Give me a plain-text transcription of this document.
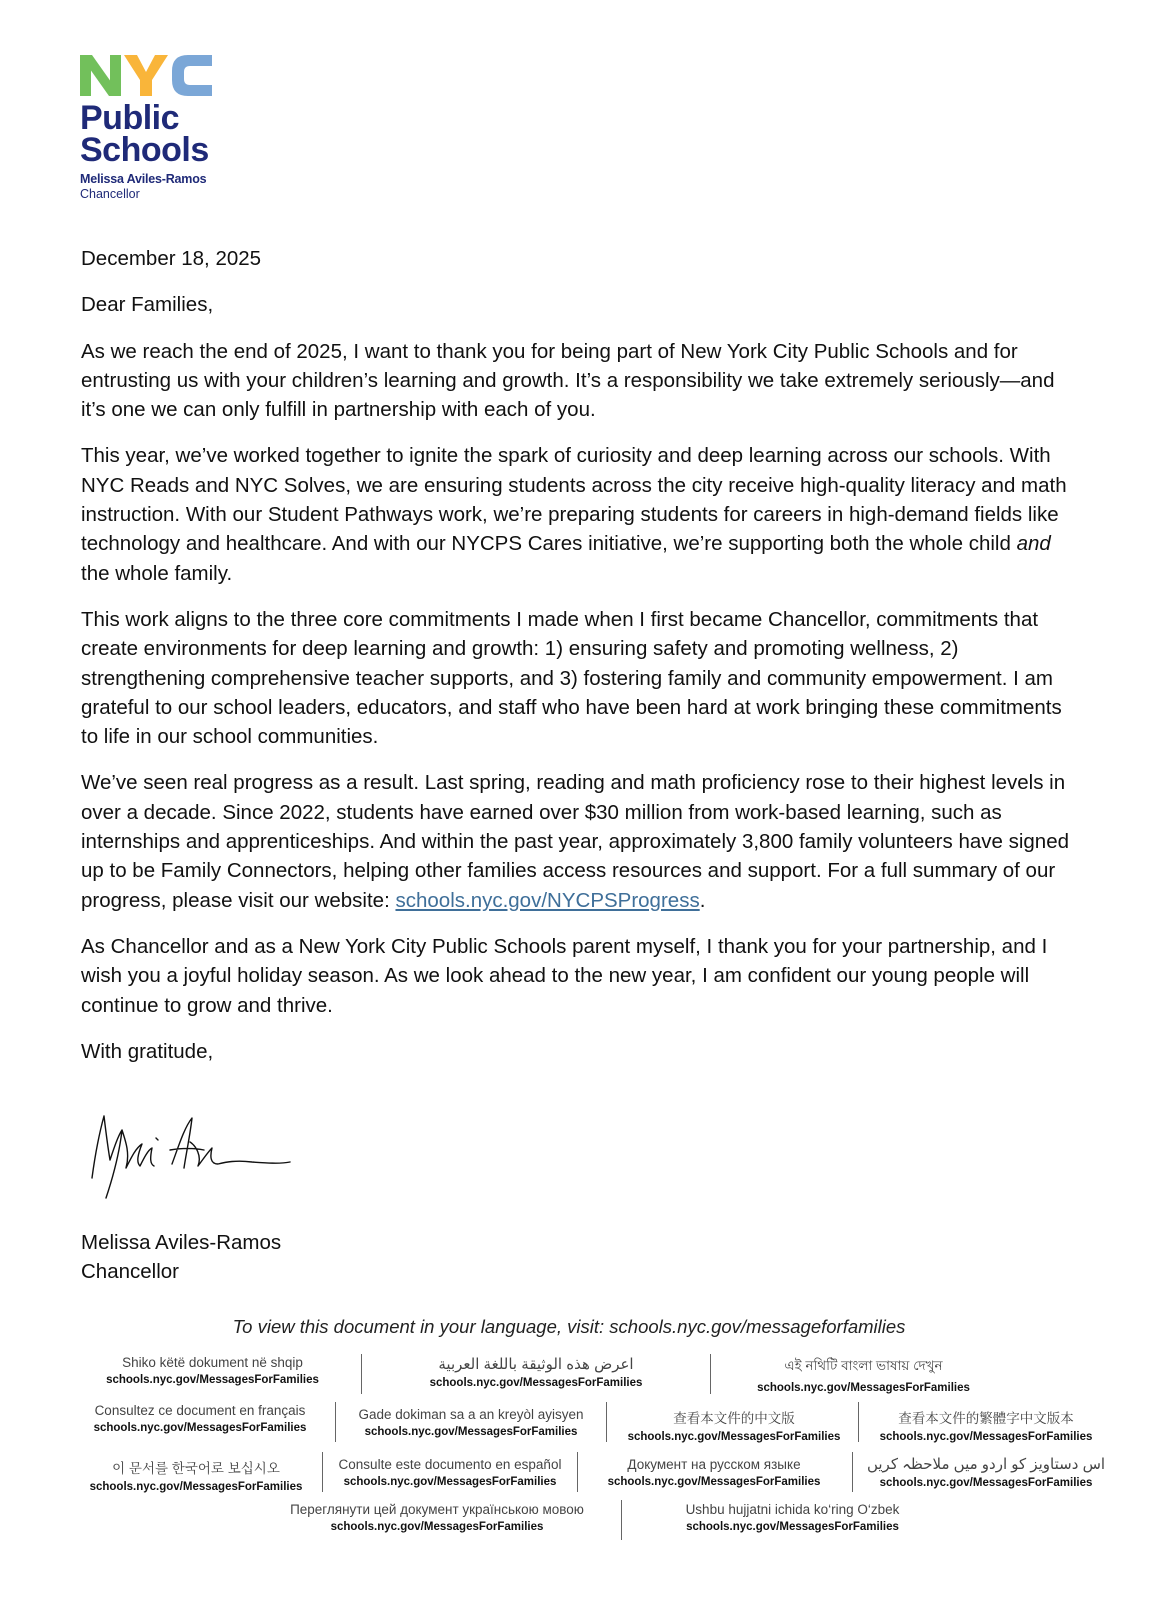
Public
Schools
Melissa Aviles-Ramos
Chancellor

December 18, 2025

Dear Families,

As we reach the end of 2025, I want to thank you for being part of New York City Public Schools and for entrusting us with your children’s learning and growth. It’s a responsibility we take extremely seriously—and it’s one we can only fulfill in partnership with each of you.

This year, we’ve worked together to ignite the spark of curiosity and deep learning across our schools. With NYC Reads and NYC Solves, we are ensuring students across the city receive high-quality literacy and math instruction. With our Student Pathways work, we’re preparing students for careers in high-demand fields like technology and healthcare. And with our NYCPS Cares initiative, we’re supporting both the whole child and the whole family.

This work aligns to the three core commitments I made when I first became Chancellor, commitments that create environments for deep learning and growth: 1) ensuring safety and promoting wellness, 2) strengthening comprehensive teacher supports, and 3) fostering family and community empowerment. I am grateful to our school leaders, educators, and staff who have been hard at work bringing these commitments to life in our school communities.

We’ve seen real progress as a result. Last spring, reading and math proficiency rose to their highest levels in over a decade. Since 2022, students have earned over $30 million from work-based learning, such as internships and apprenticeships. And within the past year, approximately 3,800 family volunteers have signed up to be Family Connectors, helping other families access resources and support. For a full summary of our progress, please visit our website: schools.nyc.gov/NYCPSProgress.

As Chancellor and as a New York City Public Schools parent myself, I thank you for your partnership, and I wish you a joyful holiday season. As we look ahead to the new year, I am confident our young people will continue to grow and thrive.

With gratitude,

Melissa Aviles-Ramos
Chancellor
To view this document in your language, visit: schools.nyc.gov/messageforfamilies
Shiko këtë dokument në shqip
schools.nyc.gov/MessagesForFamilies
اعرض هذه الوثيقة باللغة العربية
schools.nyc.gov/MessagesForFamilies
এই নথিটি বাংলা ভাষায় দেখুন
schools.nyc.gov/MessagesForFamilies
Consultez ce document en français
schools.nyc.gov/MessagesForFamilies
Gade dokiman sa a an kreyòl ayisyen
schools.nyc.gov/MessagesForFamilies
查看本文件的中文版
schools.nyc.gov/MessagesForFamilies
查看本文件的繁體字中文版本
schools.nyc.gov/MessagesForFamilies
이 문서를 한국어로 보십시오
schools.nyc.gov/MessagesForFamilies
Consulte este documento en español
schools.nyc.gov/MessagesForFamilies
Документ на русском языке
schools.nyc.gov/MessagesForFamilies
اس دستاویز کو اردو میں ملاحظہ کریں
schools.nyc.gov/MessagesForFamilies
Переглянути цей документ українською мовою
schools.nyc.gov/MessagesForFamilies
Ushbu hujjatni ichida ko‘ring O‘zbek
schools.nyc.gov/MessagesForFamilies
